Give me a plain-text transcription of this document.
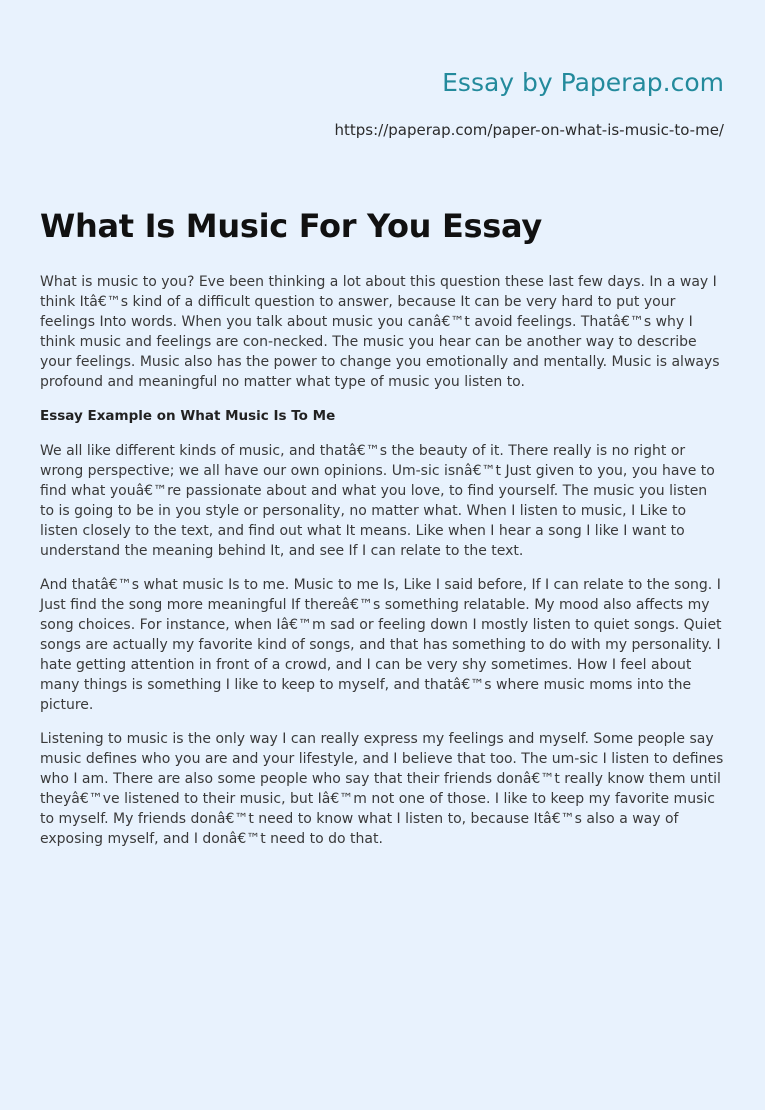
Essay by Paperap.com
https://paperap.com/paper-on-what-is-music-to-me/
What Is Music For You Essay

What is music to you? Eve been thinking a lot about this question these last few days. In a way I think Itâ€™s kind of a difficult question to answer, because It can be very hard to put your feelings Into words. When you talk about music you canâ€™t avoid feelings. Thatâ€™s why I think music and feelings are con-necked. The music you hear can be another way to describe your feelings. Music also has the power to change you emotionally and mentally. Music is always profound and meaningful no matter what type of music you listen to.

Essay Example on What Music Is To Me

We all like different kinds of music, and thatâ€™s the beauty of it. There really is no right or wrong perspective; we all have our own opinions. Um-sic isnâ€™t Just given to you, you have to find what youâ€™re passionate about and what you love, to find yourself. The music you listen to is going to be in you style or personality, no matter what. When I listen to music, I Like to listen closely to the text, and find out what It means. Like when I hear a song I like I want to understand the meaning behind It, and see If I can relate to the text.

And thatâ€™s what music Is to me. Music to me Is, Like I said before, If I can relate to the song. I Just find the song more meaningful If thereâ€™s something relatable. My mood also affects my song choices. For instance, when Iâ€™m sad or feeling down I mostly listen to quiet songs. Quiet songs are actually my favorite kind of songs, and that has something to do with my personality. I hate getting attention in front of a crowd, and I can be very shy sometimes. How I feel about many things is something I like to keep to myself, and thatâ€™s where music moms into the picture.

Listening to music is the only way I can really express my feelings and myself. Some people say music defines who you are and your lifestyle, and I believe that too. The um-sic I listen to defines who I am. There are also some people who say that their friends donâ€™t really know them until theyâ€™ve listened to their music, but Iâ€™m not one of those. I like to keep my favorite music to myself. My friends donâ€™t need to know what I listen to, because Itâ€™s also a way of exposing myself, and I donâ€™t need to do that.
